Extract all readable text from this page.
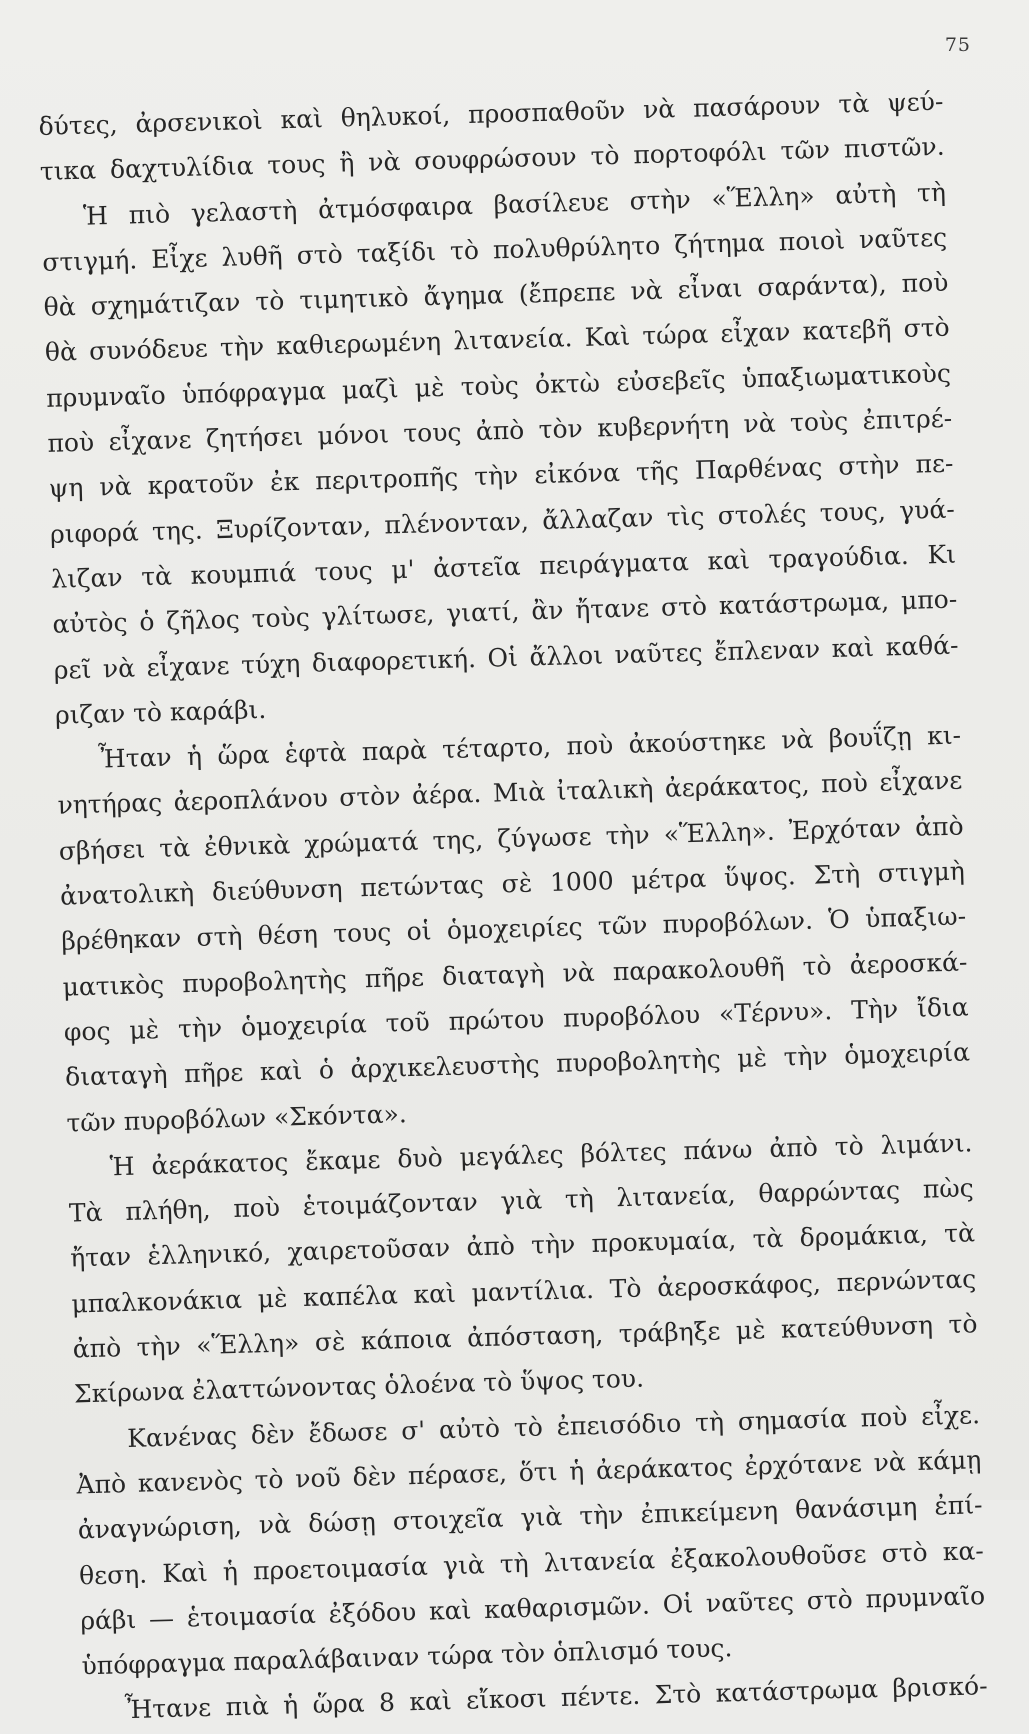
75
δύτες, ἀρσενικοὶ καὶ θηλυκοί, προσπαθοῦν νὰ πασάρουν τὰ ψεύ-
τικα δαχτυλίδια τους ἢ νὰ σουφρώσουν τὸ πορτοφόλι τῶν πιστῶν.
Ἡ πιὸ γελαστὴ ἀτμόσφαιρα βασίλευε στὴν «Ἕλλη» αὐτὴ τὴ
στιγμή. Εἶχε λυθῆ στὸ ταξίδι τὸ πολυθρύλητο ζήτημα ποιοὶ ναῦτες
θὰ σχημάτιζαν τὸ τιμητικὸ ἄγημα (ἔπρεπε νὰ εἶναι σαράντα), ποὺ
θὰ συνόδευε τὴν καθιερωμένη λιτανεία. Καὶ τώρα εἶχαν κατεβῆ στὸ
πρυμναῖο ὑπόφραγμα μαζὶ μὲ τοὺς ὀκτὼ εὐσεβεῖς ὑπαξιωματικοὺς
ποὺ εἶχανε ζητήσει μόνοι τους ἀπὸ τὸν κυβερνήτη νὰ τοὺς ἐπιτρέ-
ψη νὰ κρατοῦν ἐκ περιτροπῆς τὴν εἰκόνα τῆς Παρθένας στὴν πε-
ριφορά της. Ξυρίζονταν, πλένονταν, ἄλλαζαν τὶς στολές τους, γυά-
λιζαν τὰ κουμπιά τους μ' ἀστεῖα πειράγματα καὶ τραγούδια. Κι
αὐτὸς ὁ ζῆλος τοὺς γλίτωσε, γιατί, ἂν ἤτανε στὸ κατάστρωμα, μπο-
ρεῖ νὰ εἶχανε τύχη διαφορετική. Οἱ ἄλλοι ναῦτες ἔπλεναν καὶ καθά-
ριζαν τὸ καράβι.
Ἦταν ἡ ὥρα ἑφτὰ παρὰ τέταρτο, ποὺ ἀκούστηκε νὰ βουΐζῃ κι-
νητήρας ἀεροπλάνου στὸν ἀέρα. Μιὰ ἰταλικὴ ἀεράκατος, ποὺ εἶχανε
σβήσει τὰ ἐθνικὰ χρώματά της, ζύγωσε τὴν «Ἕλλη». Ἐρχόταν ἀπὸ
ἀνατολικὴ διεύθυνση πετώντας σὲ 1000 μέτρα ὕψος. Στὴ στιγμὴ
βρέθηκαν στὴ θέση τους οἱ ὁμοχειρίες τῶν πυροβόλων. Ὁ ὑπαξιω-
ματικὸς πυροβολητὴς πῆρε διαταγὴ νὰ παρακολουθῆ τὸ ἀεροσκά-
φος μὲ τὴν ὁμοχειρία τοῦ πρώτου πυροβόλου «Τέρνυ». Τὴν ἴδια
διαταγὴ πῆρε καὶ ὁ ἀρχικελευστὴς πυροβολητὴς μὲ τὴν ὁμοχειρία
τῶν πυροβόλων «Σκόντα».
Ἡ ἀεράκατος ἔκαμε δυὸ μεγάλες βόλτες πάνω ἀπὸ τὸ λιμάνι.
Τὰ πλήθη, ποὺ ἑτοιμάζονταν γιὰ τὴ λιτανεία, θαρρώντας πὼς
ἤταν ἑλληνικό, χαιρετοῦσαν ἀπὸ τὴν προκυμαία, τὰ δρομάκια, τὰ
μπαλκονάκια μὲ καπέλα καὶ μαντίλια. Τὸ ἀεροσκάφος, περνώντας
ἀπὸ τὴν «Ἕλλη» σὲ κάποια ἀπόσταση, τράβηξε μὲ κατεύθυνση τὸ
Σκίρωνα ἐλαττώνοντας ὁλοένα τὸ ὕψος του.
Κανένας δὲν ἔδωσε σ' αὐτὸ τὸ ἐπεισόδιο τὴ σημασία ποὺ εἶχε.
Ἀπὸ κανενὸς τὸ νοῦ δὲν πέρασε, ὅτι ἡ ἀεράκατος ἐρχότανε νὰ κάμῃ
ἀναγνώριση, νὰ δώσῃ στοιχεῖα γιὰ τὴν ἐπικείμενη θανάσιμη ἐπί-
θεση. Καὶ ἡ προετοιμασία γιὰ τὴ λιτανεία ἐξακολουθοῦσε στὸ κα-
ράβι — ἑτοιμασία ἐξόδου καὶ καθαρισμῶν. Οἱ ναῦτες στὸ πρυμναῖο
ὑπόφραγμα παραλάβαιναν τώρα τὸν ὁπλισμό τους.
Ἦτανε πιὰ ἡ ὥρα 8 καὶ εἴκοσι πέντε. Στὸ κατάστρωμα βρισκό-
